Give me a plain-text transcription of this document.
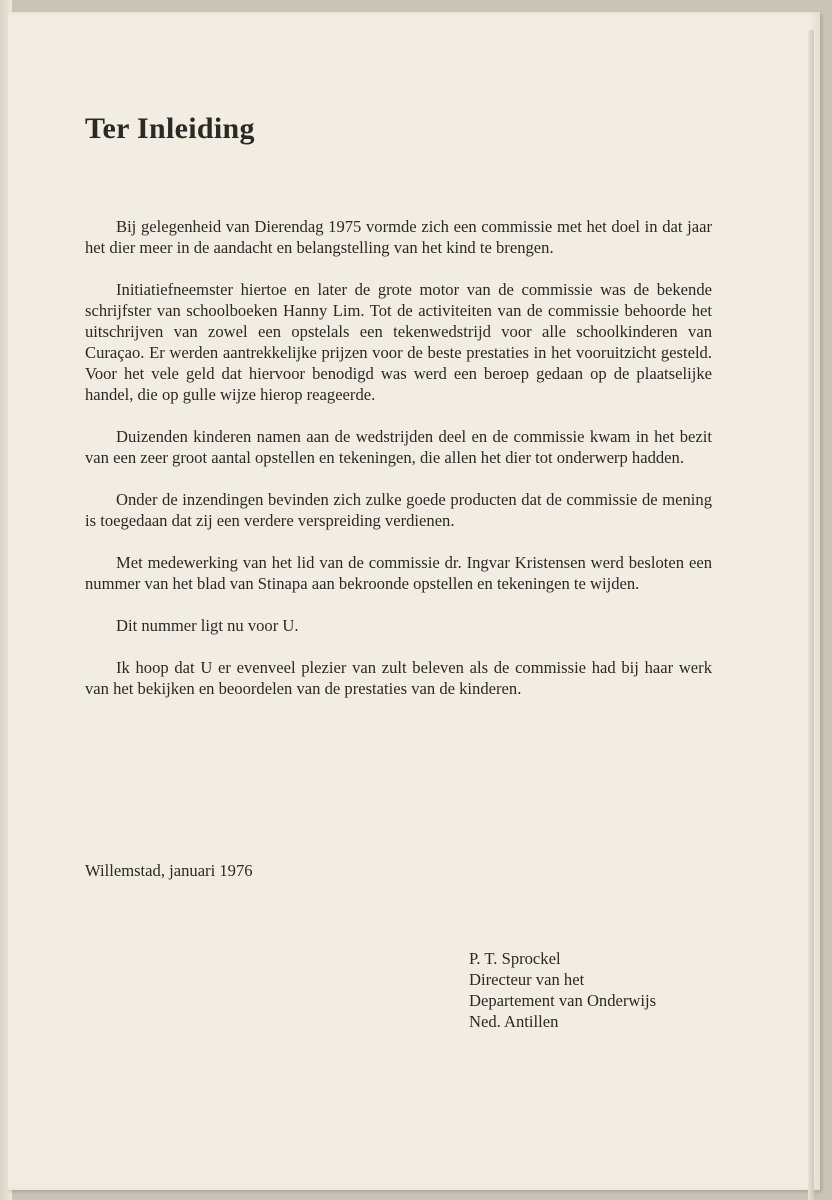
Ter Inleiding

Bij gelegenheid van Dierendag 1975 vormde zich een commissie met het doel in dat jaar het dier meer in de aandacht en belangstelling van het kind te brengen.

Initiatiefneemster hiertoe en later de grote motor van de commissie was de bekende schrijfster van schoolboeken Hanny Lim. Tot de activiteiten van de commissie behoorde het uitschrijven van zowel een opstelals een tekenwedstrijd voor alle schoolkinderen van Curaçao. Er werden aantrekkelijke prijzen voor de beste prestaties in het vooruitzicht gesteld. Voor het vele geld dat hiervoor benodigd was werd een beroep gedaan op de plaatselijke handel, die op gulle wijze hierop reageerde.

Duizenden kinderen namen aan de wedstrijden deel en de commissie kwam in het bezit van een zeer groot aantal opstellen en tekeningen, die allen het dier tot onderwerp hadden.

Onder de inzendingen bevinden zich zulke goede producten dat de commissie de mening is toegedaan dat zij een verdere verspreiding verdienen.

Met medewerking van het lid van de commissie dr. Ingvar Kristensen werd besloten een nummer van het blad van Stinapa aan bekroonde opstellen en tekeningen te wijden.

Dit nummer ligt nu voor U.

Ik hoop dat U er evenveel plezier van zult beleven als de commissie had bij haar werk van het bekijken en beoordelen van de prestaties van de kinderen.

Willemstad, januari 1976

P. T. Sprockel

Directeur van het

Departement van Onderwijs

Ned. Antillen
